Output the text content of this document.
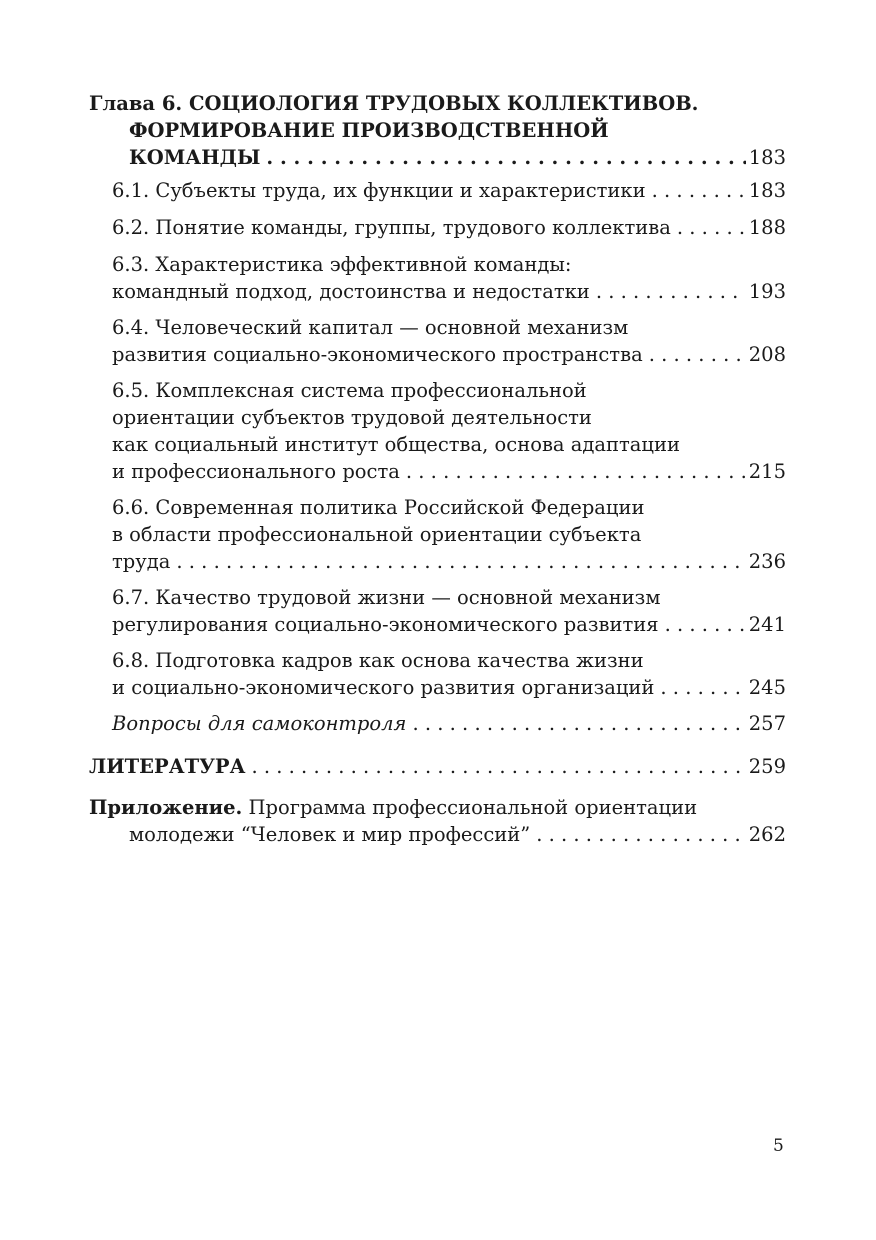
Глава 6. СОЦИОЛОГИЯ ТРУДОВЫХ КОЛЛЕКТИВОВ.
ФОРМИРОВАНИЕ ПРОИЗВОДСТВЕННОЙ
КОМАНДЫ . . .	183
6.1. Субъекты труда, их функции и характеристики . . .	183
6.2. Понятие команды, группы, трудового коллектива . . .	188
6.3. Характеристика эффективной команды:
командный подход, достоинства и недостатки . . .	193
6.4. Человеческий капитал — основной механизм
развития социально-экономического пространства . . .	208
6.5. Комплексная система профессиональной
ориентации субъектов трудовой деятельности
как социальный институт общества, основа адаптации
и профессионального роста . . .	215
6.6. Современная политика Российской Федерации
в области профессиональной ориентации субъекта
труда . . .	236
6.7. Качество трудовой жизни — основной механизм
регулирования социально-экономического развития . . .	241
6.8. Подготовка кадров как основа качества жизни
и социально-экономического развития организаций . . .	245
Вопросы для самоконтроля . . .	257
ЛИТЕРАТУРА . . .	259
Приложение. Программа профессиональной ориентации
молодежи “Человек и мир профессий” . . .	262
5
